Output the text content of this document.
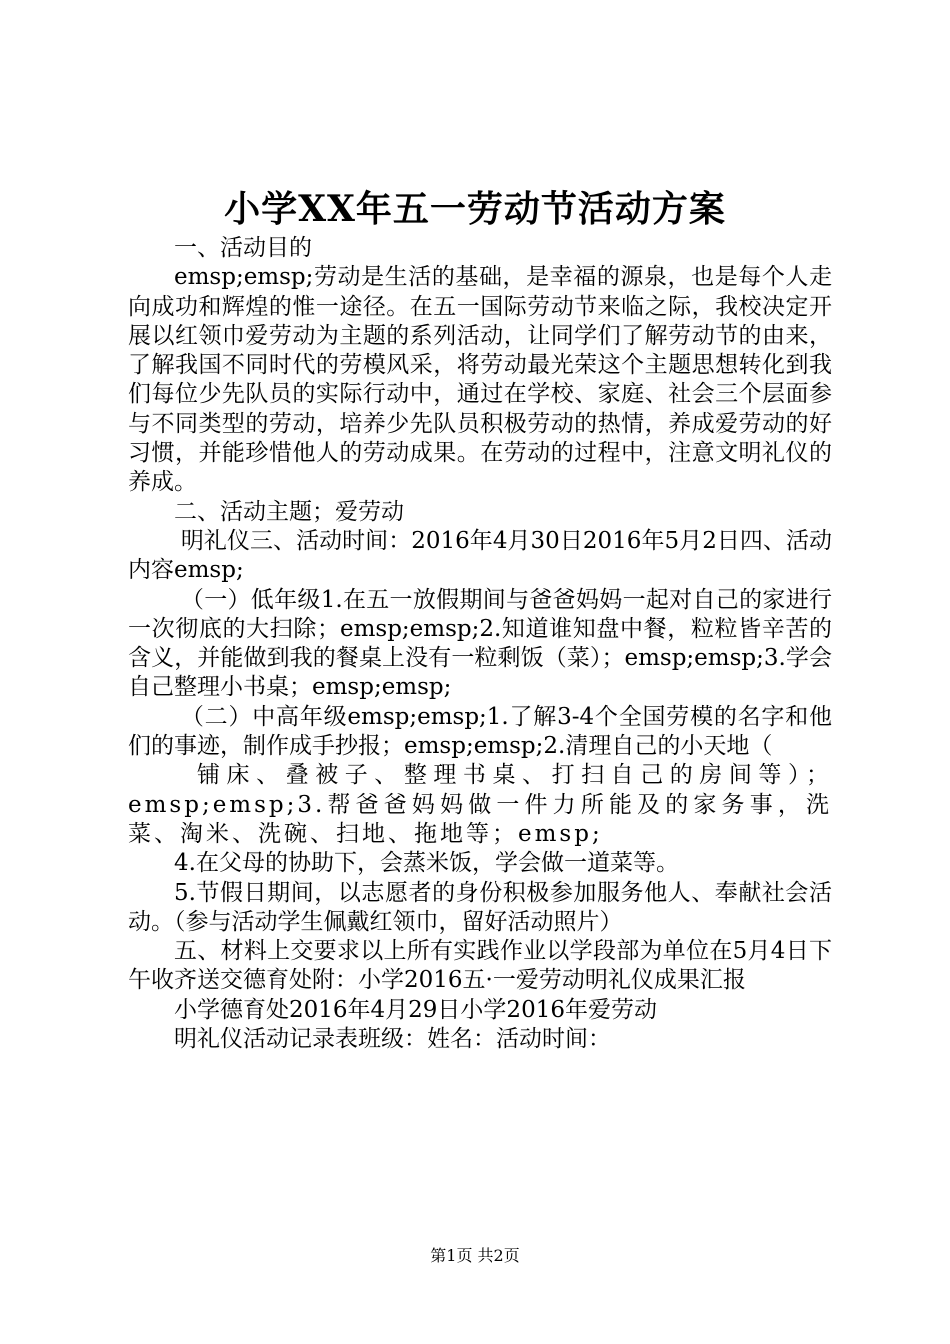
小学XX年五一劳动节活动方案

一、活动目的

emsp;emsp;劳动是生活的基础，是幸福的源泉，也是每个人走向成功和辉煌的惟一途径。在五一国际劳动节来临之际，我校决定开展以红领巾爱劳动为主题的系列活动，让同学们了解劳动节的由来，了解我国不同时代的劳模风采，将劳动最光荣这个主题思想转化到我们每位少先队员的实际行动中，通过在学校、家庭、社会三个层面参与不同类型的劳动，培养少先队员积极劳动的热情，养成爱劳动的好习惯，并能珍惜他人的劳动成果。在劳动的过程中，注意文明礼仪的养成。

二、活动主题；爱劳动

明礼仪三、活动时间：2016年4月30日2016年5月2日四、活动内容emsp;

（一）低年级1.在五一放假期间与爸爸妈妈一起对自己的家进行一次彻底的大扫除；emsp;emsp;2.知道谁知盘中餐，粒粒皆辛苦的含义，并能做到我的餐桌上没有一粒剩饭（菜）；emsp;emsp;3.学会自己整理小书桌；emsp;emsp;

（二）中高年级emsp;emsp;1.了解3-4个全国劳模的名字和他们的事迹，制作成手抄报；emsp;emsp;2.清理自己的小天地（

铺床、叠被子、整理书桌、打扫自己的房间等）；emsp;emsp;3.帮爸爸妈妈做一件力所能及的家务事，洗菜、淘米、洗碗、扫地、拖地等；emsp;

4.在父母的协助下，会蒸米饭，学会做一道菜等。

5.节假日期间，以志愿者的身份积极参加服务他人、奉献社会活动。（参与活动学生佩戴红领巾，留好活动照片）

五、材料上交要求以上所有实践作业以学段部为单位在5月4日下午收齐送交德育处附：小学2016五·一爱劳动明礼仪成果汇报

小学德育处2016年4月29日小学2016年爱劳动

明礼仪活动记录表班级：姓名：活动时间：

第1页 共2页
